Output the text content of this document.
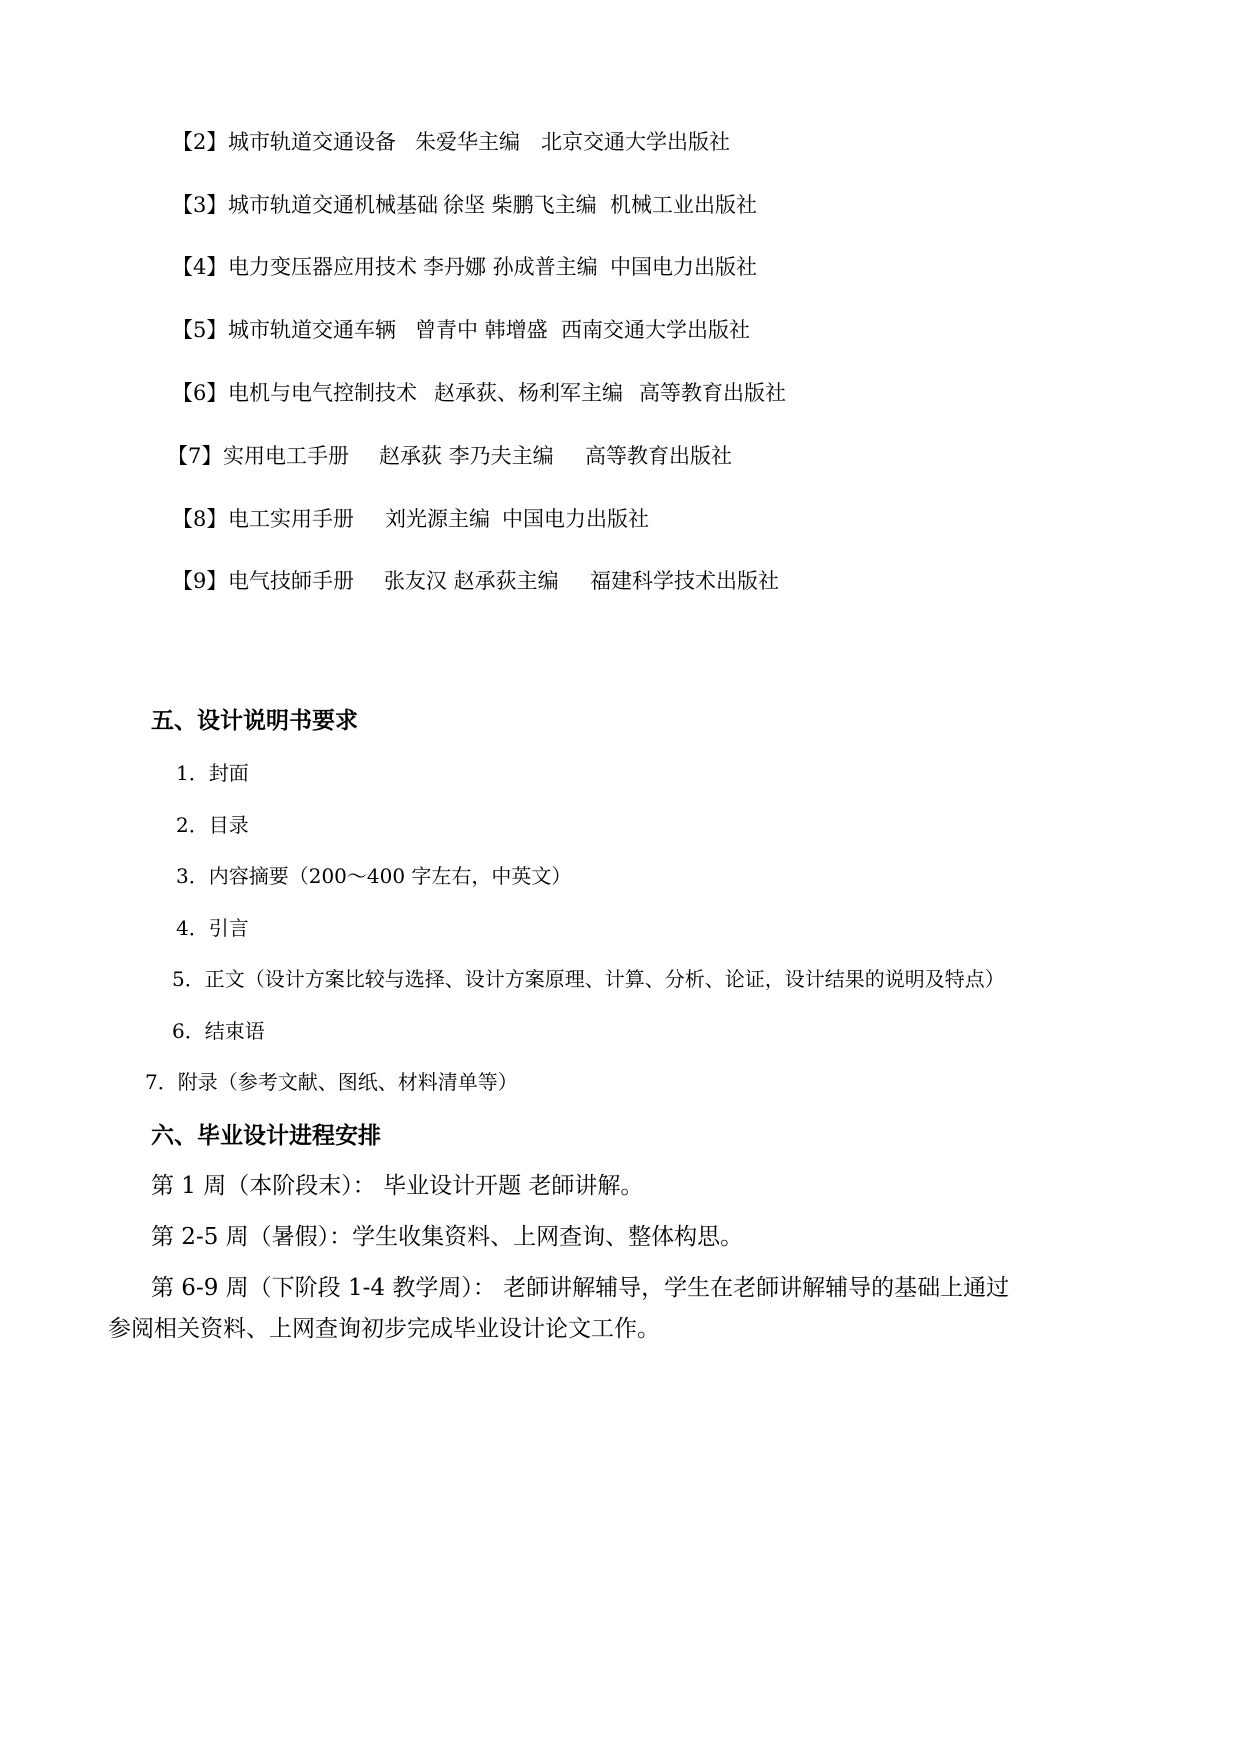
【2】 城市轨道交通设备 朱爱华主编 北京交通大学出版社
【3】 城市轨道交通机械基础 徐坚 柴鹏飞主编 机械工业出版社
【4】 电力变压器应用技术 李丹娜 孙成普主编 中国电力出版社
【5】 城市轨道交通车辆 曾青中 韩增盛 西南交通大学出版社
【6】 电机与电气控制技术 赵承荻、杨利军主编 高等教育出版社
【7】 实用电工手册 赵承荻 李乃夫主编 高等教育出版社
【8】 电工实用手册 刘光源主编 中国电力出版社
【9】 电气技師手册 张友汉 赵承荻主编 福建科学技术出版社
五、设计说明书要求
1．封面
2．目录
3．内容摘要（200～400 字左右，中英文）
4．引言
5．正文（设计方案比较与选择、设计方案原理、计算、分析、论证，设计结果的说明及特点）
6．结束语
7．附录（参考文献、图纸、材料清单等）
六、毕业设计进程安排
第 1 周（本阶段末）： 毕业设计开题 老師讲解。
第 2-5 周（暑假）：学生收集资料、上网查询、整体构思。
第 6-9 周（下阶段 1-4 教学周）： 老師讲解辅导，学生在老師讲解辅导的基础上通过
参阅相关资料、上网查询初步完成毕业设计论文工作。
